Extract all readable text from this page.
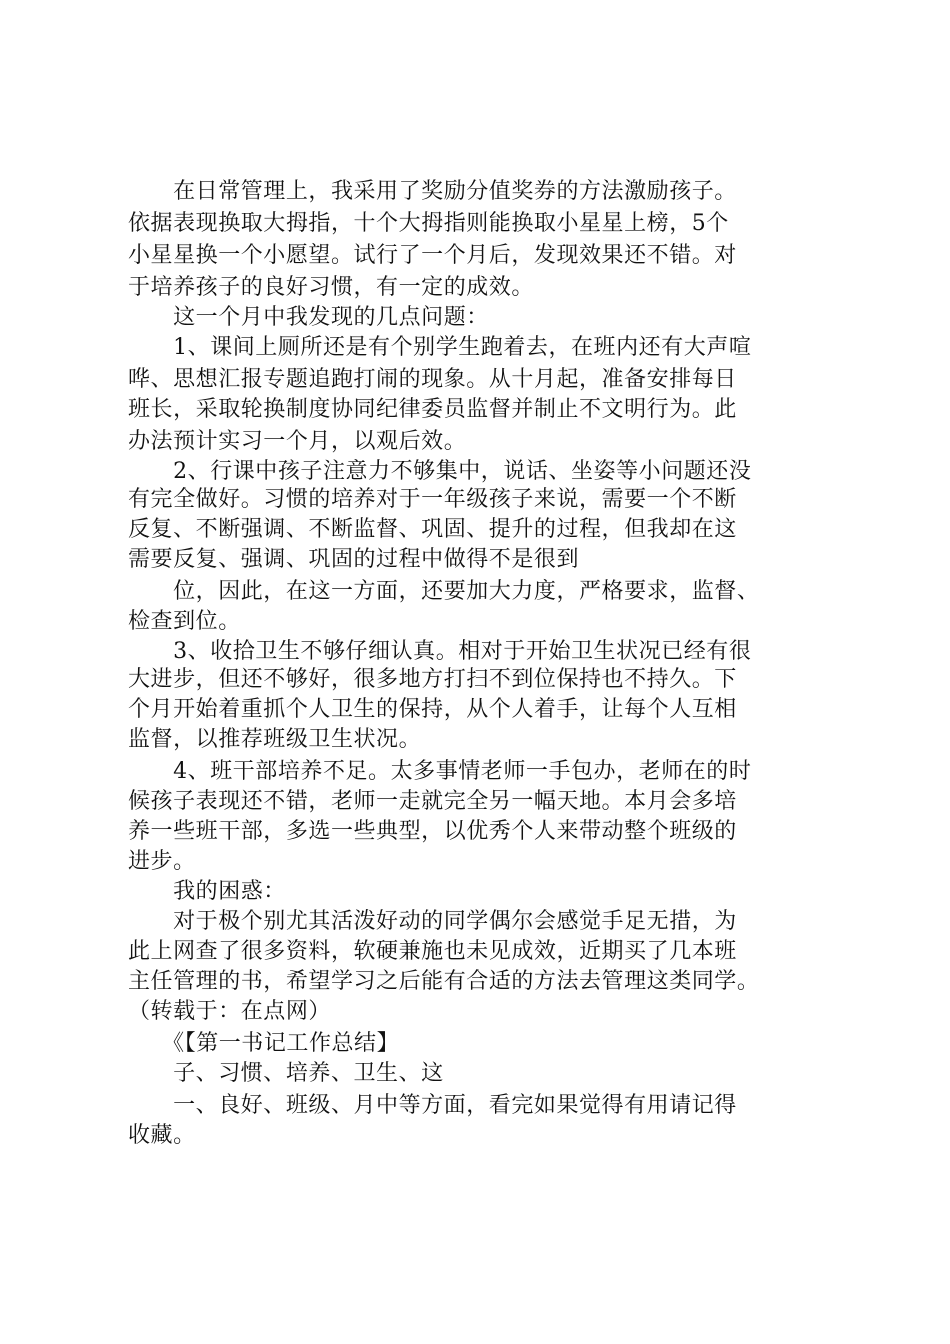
　　在日常管理上，我采用了奖励分值奖券的方法激励孩子。

依据表现换取大拇指，十个大拇指则能换取小星星上榜，5个

小星星换一个小愿望。试行了一个月后，发现效果还不错。对

于培养孩子的良好习惯，有一定的成效。

　　这一个月中我发现的几点问题：

　　1、课间上厕所还是有个别学生跑着去，在班内还有大声喧

哗、思想汇报专题追跑打闹的现象。从十月起，准备安排每日

班长，采取轮换制度协同纪律委员监督并制止不文明行为。此

办法预计实习一个月，以观后效。

　　2、行课中孩子注意力不够集中，说话、坐姿等小问题还没

有完全做好。习惯的培养对于一年级孩子来说，需要一个不断

反复、不断强调、不断监督、巩固、提升的过程，但我却在这

需要反复、强调、巩固的过程中做得不是很到

　　位，因此，在这一方面，还要加大力度，严格要求，监督、

检查到位。

　　3、收拾卫生不够仔细认真。相对于开始卫生状况已经有很

大进步，但还不够好，很多地方打扫不到位保持也不持久。下

个月开始着重抓个人卫生的保持，从个人着手，让每个人互相

监督，以推荐班级卫生状况。

　　4、班干部培养不足。太多事情老师一手包办，老师在的时

候孩子表现还不错，老师一走就完全另一幅天地。本月会多培

养一些班干部，多选一些典型，以优秀个人来带动整个班级的

进步。

　　我的困惑：

　　对于极个别尤其活泼好动的同学偶尔会感觉手足无措，为

此上网查了很多资料，软硬兼施也未见成效，近期买了几本班

主任管理的书，希望学习之后能有合适的方法去管理这类同学。

（转载于：在点网）

　　《【第一书记工作总结】

　　子、习惯、培养、卫生、这

　　一、良好、班级、月中等方面，看完如果觉得有用请记得

收藏。
